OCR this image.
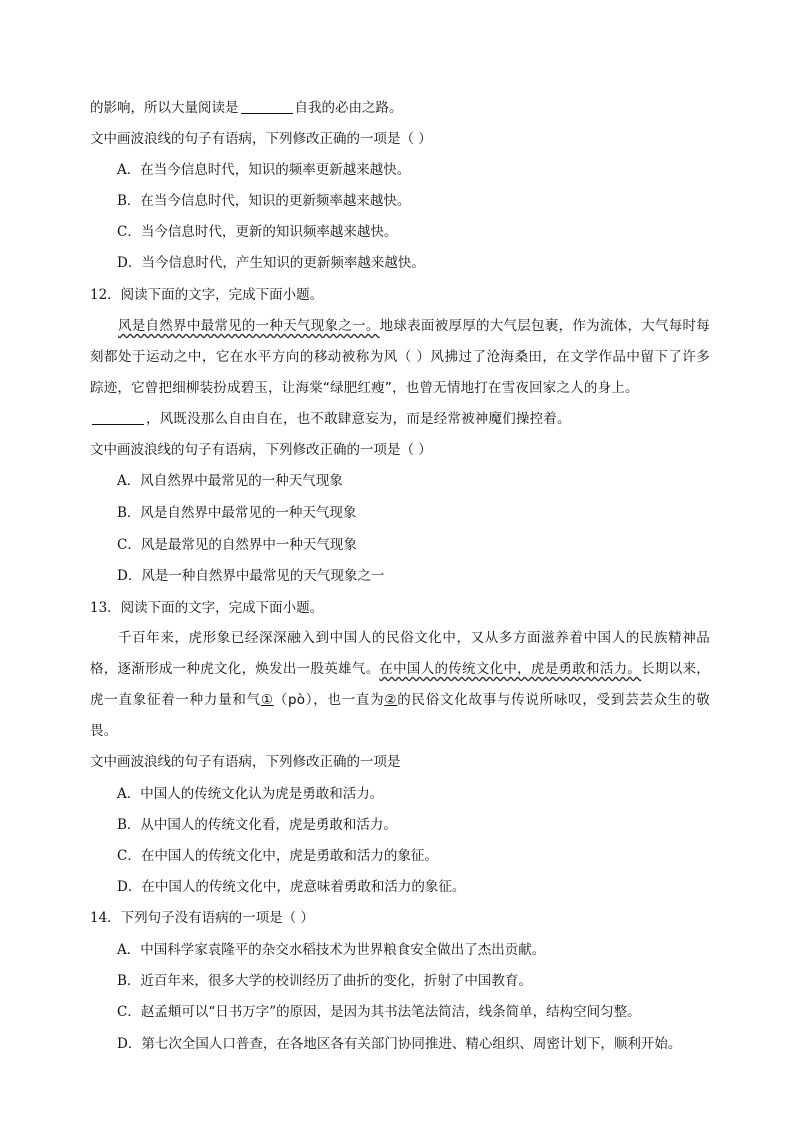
的影响，所以大量阅读是	自我的必由之路。
文中画波浪线的句子有语病，下列修改正确的一项是（ ）
A．在当今信息时代，知识的频率更新越来越快。
B．在当今信息时代，知识的更新频率越来越快。
C．当今信息时代，更新的知识频率越来越快。
D．当今信息时代，产生知识的更新频率越来越快。
12．阅读下面的文字，完成下面小题。

风是自然界中最常见的一种天气现象之一。地球表面被厚厚的大气层包裹，作为流体，大气每时每刻都处于运动之中，它在水平方向的移动被称为风（ ）风拂过了沧海桑田，在文学作品中留下了许多踪迹，它曾把细柳装扮成碧玉，让海棠“绿肥红瘦”，也曾无情地打在雪夜回家之人的身上。

，风既没那么自由自在，也不敢肆意妄为，而是经常被神魔们操控着。

文中画波浪线的句子有语病，下列修改正确的一项是（ ）
A．风自然界中最常见的一种天气现象
B．风是自然界中最常见的一种天气现象
C．风是最常见的自然界中一种天气现象
D．风是一种自然界中最常见的天气现象之一
13．阅读下面的文字，完成下面小题。

千百年来，虎形象已经深深融入到中国人的民俗文化中，又从多方面滋养着中国人的民族精神品格，逐渐形成一种虎文化，焕发出一股英雄气。在中国人的传统文化中，虎是勇敢和活力。长期以来，虎一直象征着一种力量和气①（pò），也一直为②的民俗文化故事与传说所咏叹，受到芸芸众生的敬畏。

文中画波浪线的句子有语病，下列修改正确的一项是
A．中国人的传统文化认为虎是勇敢和活力。
B．从中国人的传统文化看，虎是勇敢和活力。
C．在中国人的传统文化中，虎是勇敢和活力的象征。
D．在中国人的传统文化中，虎意味着勇敢和活力的象征。
14．下列句子没有语病的一项是（ ）
A．中国科学家袁隆平的杂交水稻技术为世界粮食安全做出了杰出贡献。
B．近百年来，很多大学的校训经历了曲折的变化，折射了中国教育。
C．赵孟頫可以“日书万字”的原因，是因为其书法笔法简洁，线条简单，结构空间匀整。
D．第七次全国人口普查，在各地区各有关部门协同推进、精心组织、周密计划下，顺利开始。
